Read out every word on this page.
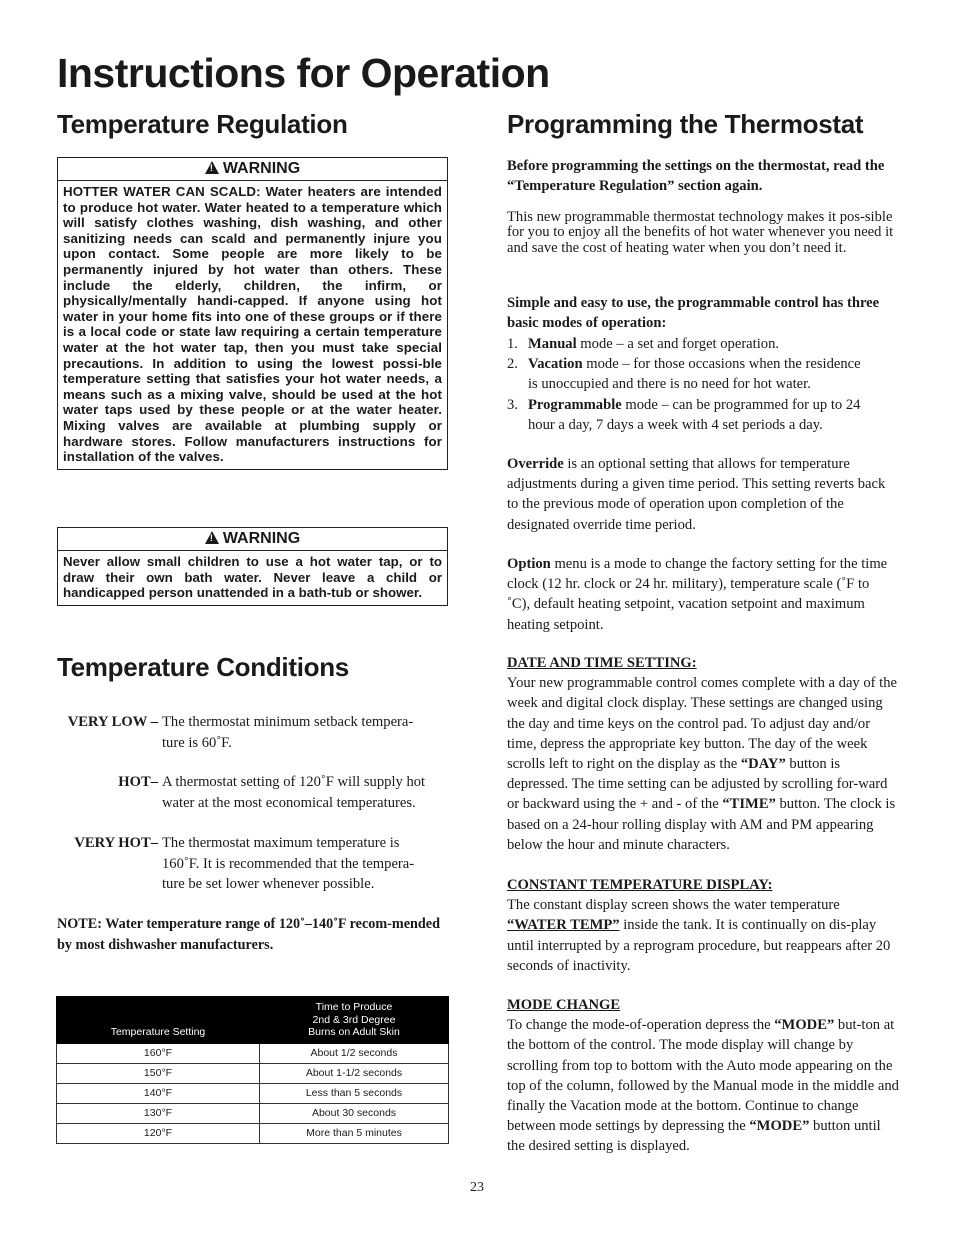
Instructions for Operation
Temperature Regulation
!WARNING
HOTTER WATER CAN SCALD: Water heaters are intended to produce hot water. Water heated to a temperature which will satisfy clothes washing, dish washing, and other sanitizing needs can scald and permanently injure you upon contact. Some people are more likely to be permanently injured by hot water than others. These include the elderly, children, the infirm, or physically/mentally handi-capped. If anyone using hot water in your home fits into one of these groups or if there is a local code or state law requiring a certain temperature water at the hot water tap, then you must take special precautions. In addition to using the lowest possi-ble temperature setting that satisfies your hot water needs, a means such as a mixing valve, should be used at the hot water taps used by these people or at the water heater. Mixing valves are available at plumbing supply or hardware stores. Follow manufacturers instructions for installation of the valves.
!WARNING
Never allow small children to use a hot water tap, or to draw their own bath water. Never leave a child or handicapped person unattended in a bath-tub or shower.
Temperature Conditions
VERY LOW – The thermostat minimum setback tempera-
ture is 60˚F.
HOT– A thermostat setting of 120˚F will supply hot
water at the most economical temperatures.
VERY HOT– The thermostat maximum temperature is
160˚F. It is recommended that the tempera-
ture be set lower whenever possible.
NOTE: Water temperature range of 120˚–140˚F recom-mended by most dishwasher manufacturers.
Temperature Setting	Time to Produce
2nd & 3rd Degree
Burns on Adult Skin
160°F	About 1/2 seconds
150°F	About 1-1/2 seconds
140°F	Less than 5 seconds
130°F	About 30 seconds
120°F	More than 5 minutes
Programming the Thermostat

Before programming the settings on the thermostat, read the “Temperature Regulation” section again.

This new programmable thermostat technology makes it pos-sible for you to enjoy all the benefits of hot water whenever you need it and save the cost of heating water when you don’t need it.

Simple and easy to use, the programmable control has three basic modes of operation:

1. Manual mode – a set and forget operation.
2. Vacation mode – for those occasions when the residence
is unoccupied and there is no need for hot water.
3. Programmable mode – can be programmed for up to 24
hour a day, 7 days a week with 4 set periods a day.

Override is an optional setting that allows for temperature adjustments during a given time period. This setting reverts back to the previous mode of operation upon completion of the designated override time period.

Option menu is a mode to change the factory setting for the time clock (12 hr. clock or 24 hr. military), temperature scale (˚F to ˚C), default heating setpoint, vacation setpoint and maximum heating setpoint.

DATE AND TIME SETTING:
Your new programmable control comes complete with a day of the week and digital clock display. These settings are changed using the day and time keys on the control pad. To adjust day and/or time, depress the appropriate key button. The day of the week scrolls left to right on the display as the “DAY” button is depressed. The time setting can be adjusted by scrolling for-ward or backward using the + and - of the “TIME” button. The clock is based on a 24-hour rolling display with AM and PM appearing below the hour and minute characters.
CONSTANT TEMPERATURE DISPLAY:
The constant display screen shows the water temperature “WATER TEMP” inside the tank. It is continually on dis-play until interrupted by a reprogram procedure, but reappears after 20 seconds of inactivity.
MODE CHANGE
To change the mode-of-operation depress the “MODE” but-ton at the bottom of the control. The mode display will change by scrolling from top to bottom with the Auto mode appearing on the top of the column, followed by the Manual mode in the middle and finally the Vacation mode at the bottom. Continue to change between mode settings by depressing the “MODE” button until the desired setting is displayed.
23
